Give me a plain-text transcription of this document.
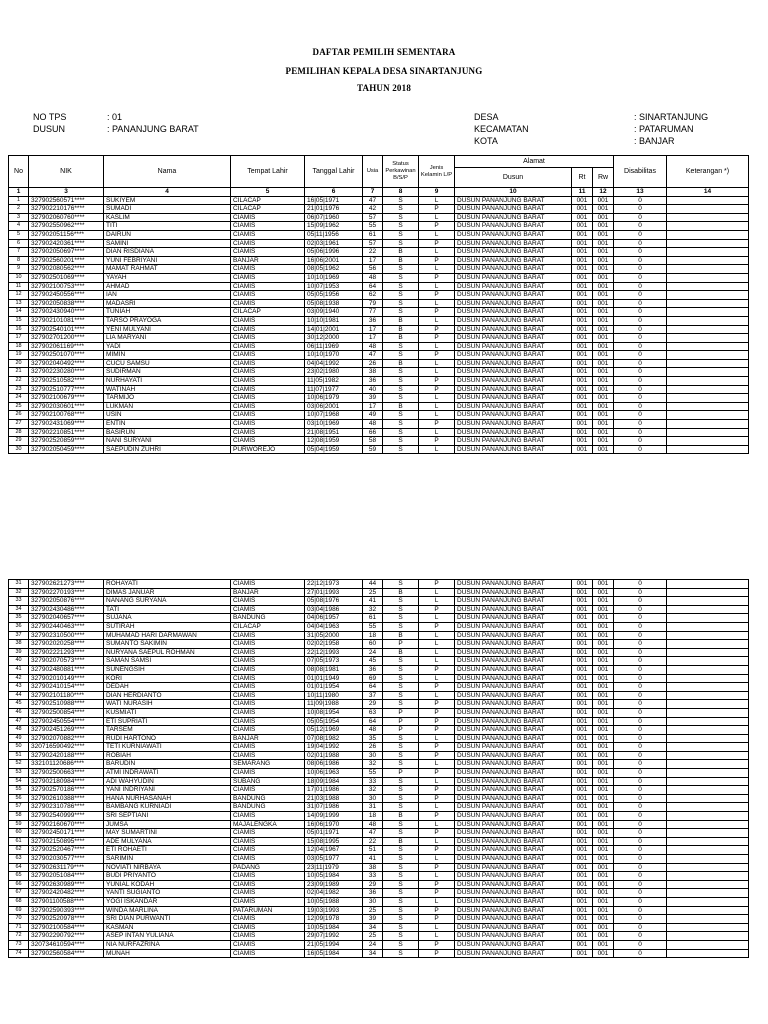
DAFTAR PEMILIH SEMENTARA
PEMILIHAN KEPALA DESA SINARTANJUNG
TAHUN 2018
NO TPS	: 01
DUSUN	: PANANJUNG BARAT
DESA	: SINARTANJUNG
KECAMATAN	: PATARUMAN
KOTA	: BANJAR
No	NIK	Nama	Tempat Lahir	Tanggal Lahir	Usia	Status Perkawinan B/S/P	Jenis Kelamin L/P	Alamat			Disabilitas	Keterangan *)
								Dusun	Rt	Rw		
1	3	4	5	6	7	8	9	10	11	12	13	14
1	327902560571****	SUKIYEM	CILACAP	16|05|1971	47	S	L	DUSUN PANANJUNG BARAT	001	001	0	
2	327902210176****	SUMADI	CILACAP	21|01|1976	42	S	P	DUSUN PANANJUNG BARAT	001	001	0	
3	327902060760****	KASLIM	CIAMIS	06|07|1960	57	S	L	DUSUN PANANJUNG BARAT	001	001	0	
4	327902550962****	TITI	CIAMIS	15|09|1962	55	S	P	DUSUN PANANJUNG BARAT	001	001	0	
5	327902051156****	DAIRUN	CIAMIS	05|11|1956	61	S	L	DUSUN PANANJUNG BARAT	001	001	0	
6	327902420361****	SAMINI	CIAMIS	02|03|1961	57	S	P	DUSUN PANANJUNG BARAT	001	001	0	
7	327902050697****	DIAN RISDIANA	CIAMIS	05|06|1996	22	B	L	DUSUN PANANJUNG BARAT	001	001	0	
8	327902560201****	YUNI FEBRIYANI	BANJAR	16|06|2001	17	B	P	DUSUN PANANJUNG BARAT	001	001	0	
9	327902080562****	MAMAT RAHMAT	CIAMIS	08|05|1962	56	S	L	DUSUN PANANJUNG BARAT	001	001	0	
10	327902501069****	YAYAH	CIAMIS	10|10|1969	48	S	P	DUSUN PANANJUNG BARAT	001	001	0	
11	327902100753****	AHMAD	CIAMIS	10|07|1953	64	S	L	DUSUN PANANJUNG BARAT	001	001	0	
12	327902450556****	IAN	CIAMIS	05|05|1956	62	S	P	DUSUN PANANJUNG BARAT	001	001	0	
13	327902050838****	MADASRI	CIAMIS	05|08|1938	79	S	L	DUSUN PANANJUNG BARAT	001	001	0	
14	327902430940****	TUNIAH	CILACAP	03|09|1940	77	S	P	DUSUN PANANJUNG BARAT	001	001	0	
15	327902101081****	TARSO PRAYOGA	CIAMIS	10|10|1981	36	B	L	DUSUN PANANJUNG BARAT	001	001	0	
16	327902540101****	YENI MULYANI	CIAMIS	14|01|2001	17	B	P	DUSUN PANANJUNG BARAT	001	001	0	
17	327902701200****	LIA MARYANI	CIAMIS	30|12|2000	17	B	P	DUSUN PANANJUNG BARAT	001	001	0	
18	327902061169****	YADI	CIAMIS	06|11|1969	48	S	L	DUSUN PANANJUNG BARAT	001	001	0	
19	327902501070****	MIMIN	CIAMIS	10|10|1970	47	S	P	DUSUN PANANJUNG BARAT	001	001	0	
20	327902040492****	CUCU SAMSU	CIAMIS	04|04|1992	26	B	L	DUSUN PANANJUNG BARAT	001	001	0	
21	327902230280****	SUDIRMAN	CIAMIS	23|02|1980	38	S	L	DUSUN PANANJUNG BARAT	001	001	0	
22	327902510582****	NURHAYATI	CIAMIS	11|05|1982	36	S	P	DUSUN PANANJUNG BARAT	001	001	0	
23	327902510777****	WATINAH	CIAMIS	11|07|1977	40	S	P	DUSUN PANANJUNG BARAT	001	001	0	
24	327902100679****	TARMIJO	CIAMIS	10|06|1979	39	S	L	DUSUN PANANJUNG BARAT	001	001	0	
25	327902030601****	LUKMAN	CIAMIS	03|06|2001	17	B	L	DUSUN PANANJUNG BARAT	001	001	0	
26	327902100768****	USIN	CIAMIS	10|07|1968	49	S	L	DUSUN PANANJUNG BARAT	001	001	0	
27	327902431069****	ENTIN	CIAMIS	03|10|1969	48	S	P	DUSUN PANANJUNG BARAT	001	001	0	
28	327902210851****	BASIRUN	CIAMIS	21|08|1951	66	S	L	DUSUN PANANJUNG BARAT	001	001	0	
29	327902520859****	NANI SURYANI	CIAMIS	12|08|1959	58	S	P	DUSUN PANANJUNG BARAT	001	001	0	
30	327902050459****	SAEPUDIN ZUHRI	PURWOREJO	05|04|1959	59	S	L	DUSUN PANANJUNG BARAT	001	001	0	
31	327902621273****	ROHAYATI	CIAMIS	22|12|1973	44	S	P	DUSUN PANANJUNG BARAT	001	001	0	
32	327902270193****	DIMAS JANUAR	BANJAR	27|01|1993	25	B	L	DUSUN PANANJUNG BARAT	001	001	0	
33	327902050876****	NANANG SURYANA	CIAMIS	05|08|1976	41	S	L	DUSUN PANANJUNG BARAT	001	001	0	
34	327902430486****	TATI	CIAMIS	03|04|1986	32	S	P	DUSUN PANANJUNG BARAT	001	001	0	
35	327902040657****	SUJANA	BANDUNG	04|06|1957	61	S	L	DUSUN PANANJUNG BARAT	001	001	0	
36	327902440463****	SUTIRAH	CILACAP	04|04|1963	55	S	P	DUSUN PANANJUNG BARAT	001	001	0	
37	327902310500****	MUHAMAD HARI DARMAWAN	CIAMIS	31|05|2000	18	B	L	DUSUN PANANJUNG BARAT	001	001	0	
38	327902020258****	SUMANTO SAKIMIN	CIAMIS	02|02|1958	60	P	L	DUSUN PANANJUNG BARAT	001	001	0	
39	327902221293****	NURYANA SAEPUL ROHMAN	CIAMIS	22|12|1993	24	B	L	DUSUN PANANJUNG BARAT	001	001	0	
40	327902070573****	SAMAN SAMSI	CIAMIS	07|05|1973	45	S	L	DUSUN PANANJUNG BARAT	001	001	0	
41	327902480881****	SUNENGSIH	CIAMIS	08|08|1981	36	S	P	DUSUN PANANJUNG BARAT	001	001	0	
42	327902010149****	KORI	CIAMIS	01|01|1949	69	S	L	DUSUN PANANJUNG BARAT	001	001	0	
43	327902410154****	DEDAH	CIAMIS	01|01|1954	64	S	P	DUSUN PANANJUNG BARAT	001	001	0	
44	327902101180****	DIAN HERDIANTO	CIAMIS	10|11|1980	37	S	L	DUSUN PANANJUNG BARAT	001	001	0	
45	327902510988****	WATI NURASIH	CIAMIS	11|09|1988	29	S	P	DUSUN PANANJUNG BARAT	001	001	0	
46	327902500854****	KUSMIATI	CIAMIS	10|08|1954	63	P	P	DUSUN PANANJUNG BARAT	001	001	0	
47	327902450554****	ETI SUPRIATI	CIAMIS	05|05|1954	64	P	P	DUSUN PANANJUNG BARAT	001	001	0	
48	327902451269****	TARSEM	CIAMIS	05|12|1969	48	P	P	DUSUN PANANJUNG BARAT	001	001	0	
49	327902070882****	RUDI HARTONO	BANJAR	07|08|1982	35	S	L	DUSUN PANANJUNG BARAT	001	001	0	
50	320716590492****	TETI KURNIAWATI	CIAMIS	19|04|1992	26	S	P	DUSUN PANANJUNG BARAT	001	001	0	
51	327902420188****	ROBIAH	CIAMIS	02|01|1988	30	S	P	DUSUN PANANJUNG BARAT	001	001	0	
52	332101120686****	BARUDIN	SEMARANG	08|06|1986	32	S	L	DUSUN PANANJUNG BARAT	001	001	0	
53	327902500663****	ATMI INDRAWATI	CIAMIS	10|06|1963	55	P	P	DUSUN PANANJUNG BARAT	001	001	0	
54	327902180984****	ADI WAHYUDIN	SUBANG	18|09|1984	33	S	L	DUSUN PANANJUNG BARAT	001	001	0	
55	327902570186****	YANI INDRIYANI	CIAMIS	17|01|1986	32	S	P	DUSUN PANANJUNG BARAT	001	001	0	
56	327902610388****	HANA NURHASANAH	BANDUNG	21|03|1988	30	S	P	DUSUN PANANJUNG BARAT	001	001	0	
57	327902310786****	BAMBANG KURNIADI	BANDUNG	31|07|1986	31	S	L	DUSUN PANANJUNG BARAT	001	001	0	
58	327902540999****	SRI SEPTIANI	CIAMIS	14|09|1999	18	B	P	DUSUN PANANJUNG BARAT	001	001	0	
59	327902160670****	JUMSA	MAJALENGKA	16|06|1970	48	S	L	DUSUN PANANJUNG BARAT	001	001	0	
60	327902450171****	MAY SUMARTINI	CIAMIS	05|01|1971	47	S	P	DUSUN PANANJUNG BARAT	001	001	0	
61	327902150895****	ADE MULYANA	CIAMIS	15|08|1995	22	B	L	DUSUN PANANJUNG BARAT	001	001	0	
62	327902520467****	ETI ROHAETI	CIAMIS	12|04|1967	51	S	P	DUSUN PANANJUNG BARAT	001	001	0	
63	327902030577****	SARIMIN	CIAMIS	03|05|1977	41	S	L	DUSUN PANANJUNG BARAT	001	001	0	
64	327902631179****	NOVIATI NIRBAYA	PADANG	23|11|1979	38	S	P	DUSUN PANANJUNG BARAT	001	001	0	
65	327902051084****	BUDI PRIYANTO	CIAMIS	10|05|1984	33	S	L	DUSUN PANANJUNG BARAT	001	001	0	
66	327902630989****	YUNIAL KODAH	CIAMIS	23|09|1989	29	S	P	DUSUN PANANJUNG BARAT	001	001	0	
67	327902420482****	YANTI SUGIANTO	CIAMIS	02|04|1982	36	S	P	DUSUN PANANJUNG BARAT	001	001	0	
68	327901100588****	YOGI ISKANDAR	CIAMIS	10|05|1988	30	S	L	DUSUN PANANJUNG BARAT	001	001	0	
69	327902590393****	WINDA MARLINA	PATARUMAN	19|03|1993	25	S	P	DUSUN PANANJUNG BARAT	001	001	0	
70	327902520978****	SRI DIAN PURWANTI	CIAMIS	12|09|1978	39	S	P	DUSUN PANANJUNG BARAT	001	001	0	
71	327902100584****	KASMAN	CIAMIS	10|05|1984	34	S	L	DUSUN PANANJUNG BARAT	001	001	0	
72	327902290792****	ASEP INTAN YULIANA	CIAMIS	29|07|1992	25	S	L	DUSUN PANANJUNG BARAT	001	001	0	
73	320734610594****	NIA NURFAZRINA	CIAMIS	21|05|1994	24	S	P	DUSUN PANANJUNG BARAT	001	001	0	
74	327902560584****	MUNAH	CIAMIS	16|05|1984	34	S	P	DUSUN PANANJUNG BARAT	001	001	0	
